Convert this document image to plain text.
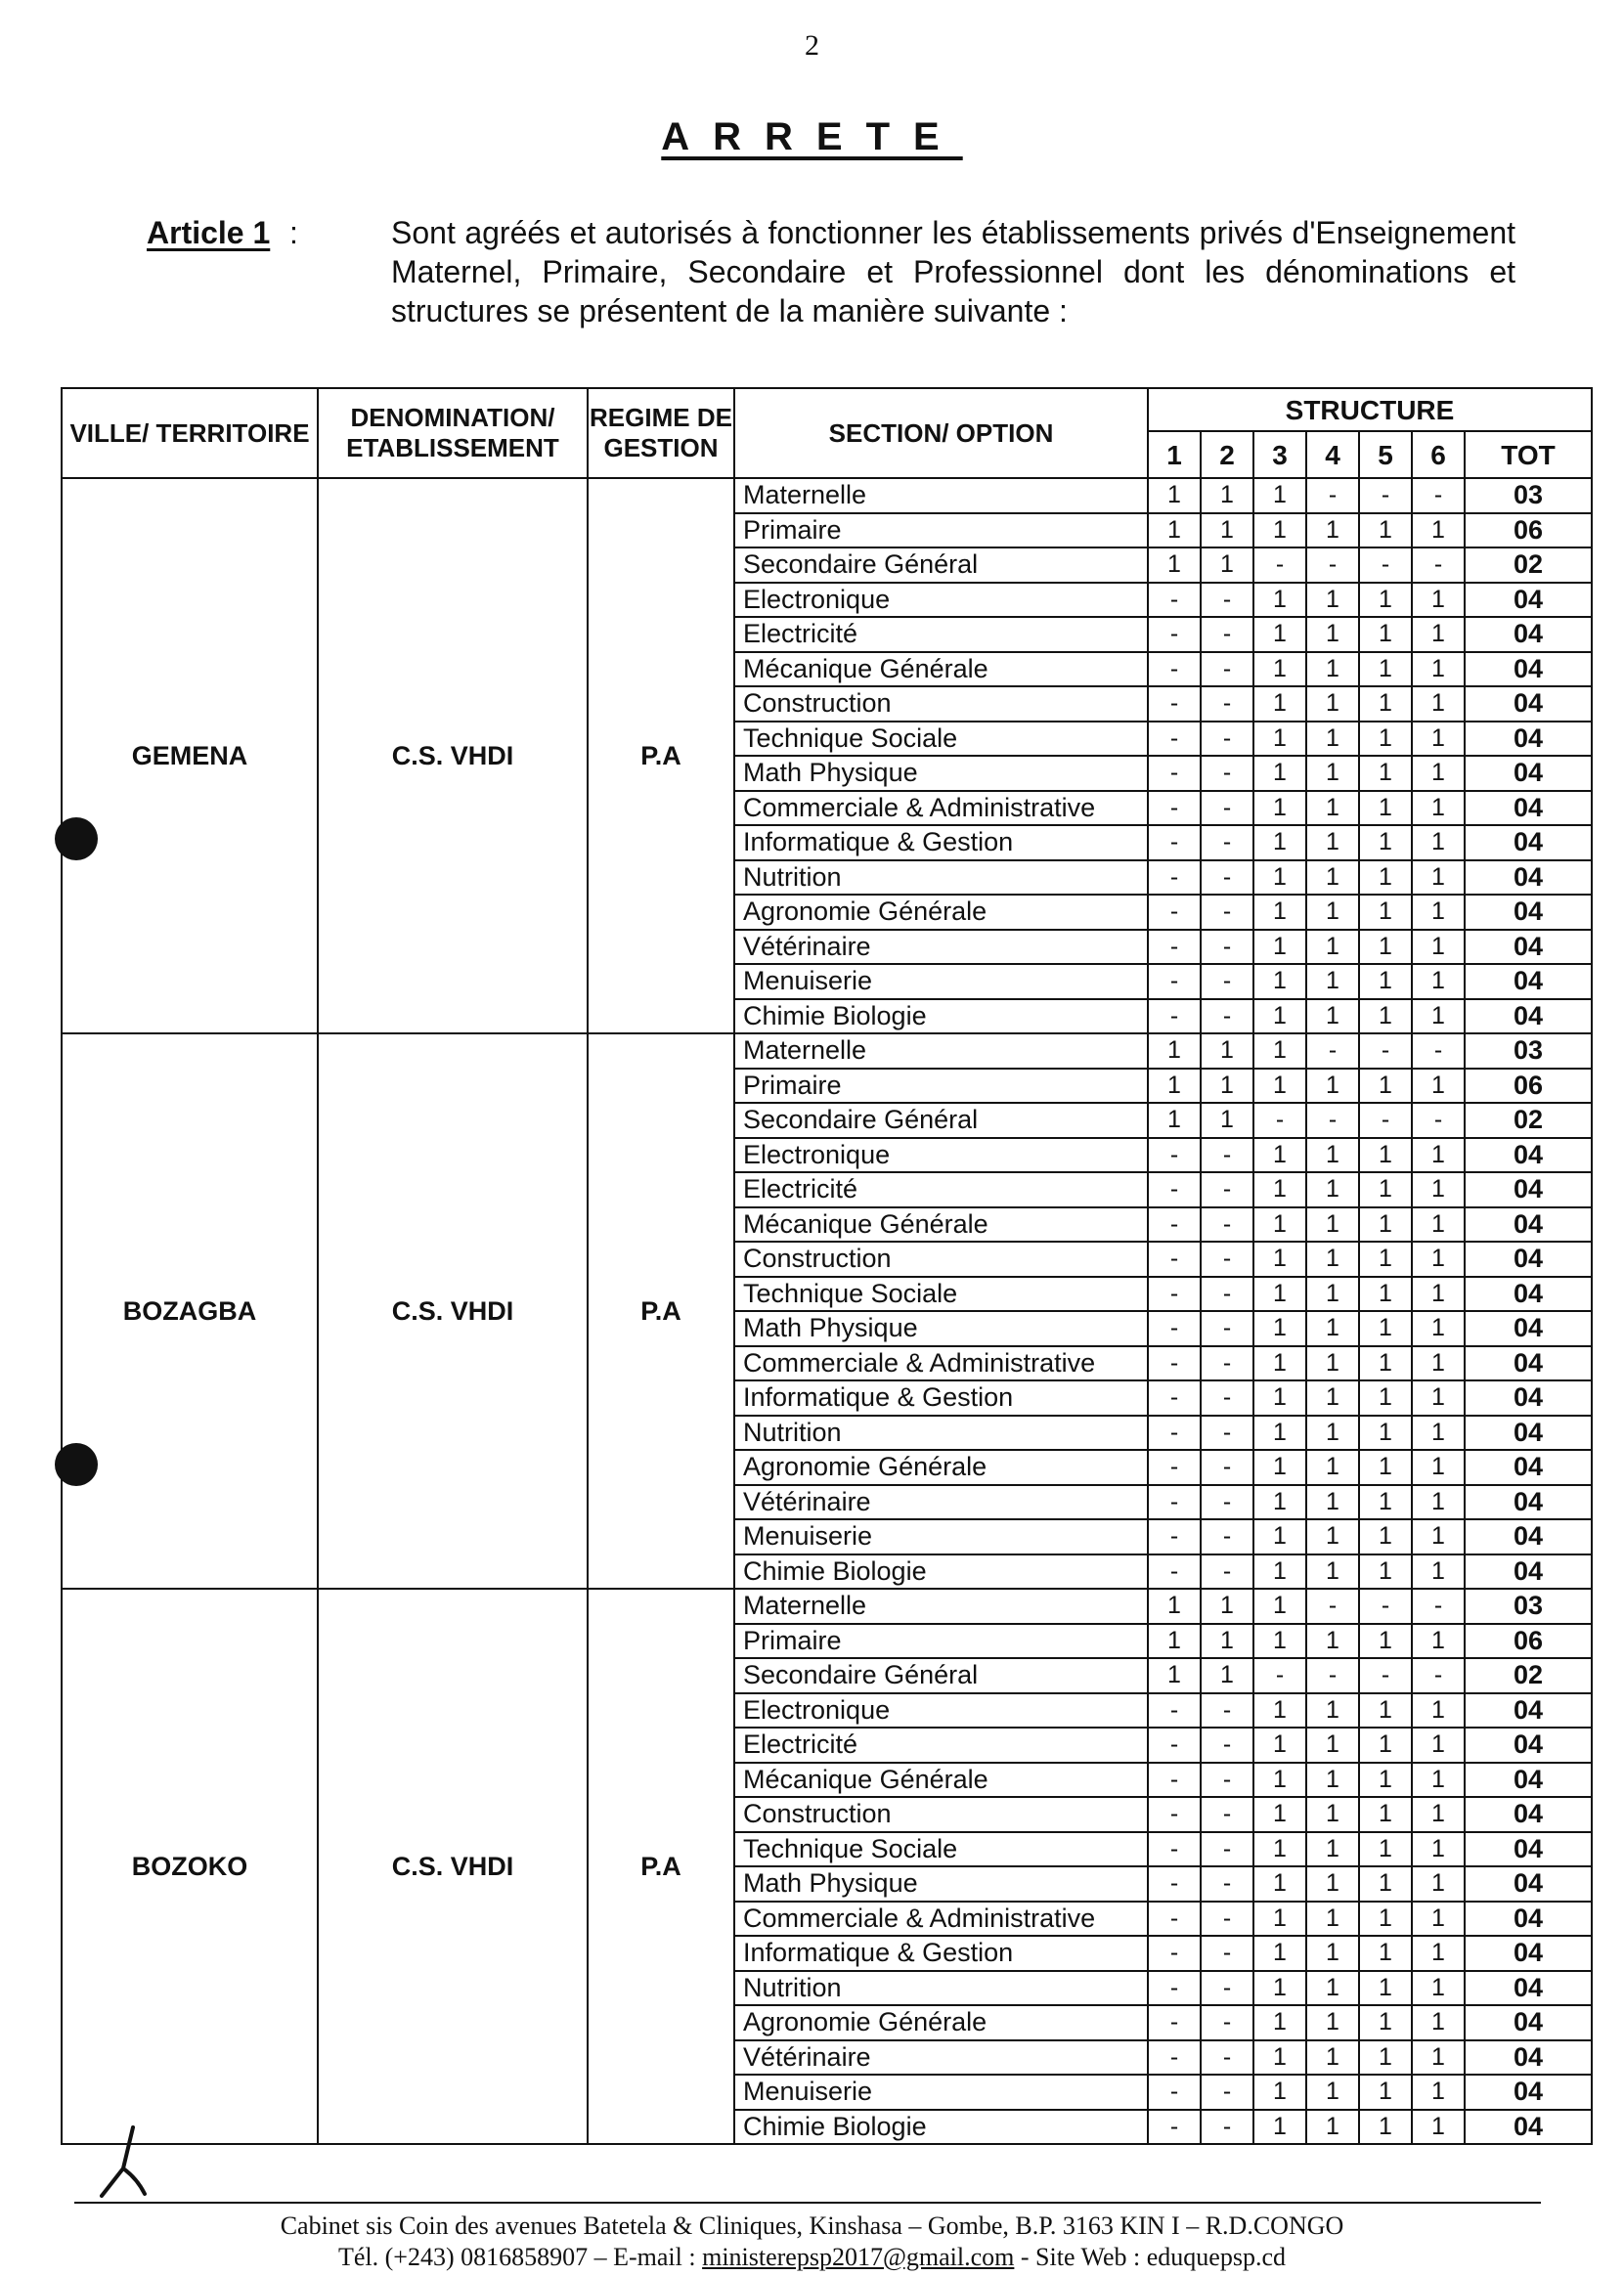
2
ARRETE
Article 1 :	Sont agréés et autorisés à fonctionner les établissements privés d'Enseignement Maternel, Primaire, Secondaire et Professionnel dont les dénominations et structures se présentent de la manière suivante :
VILLE/ TERRITOIRE	DENOMINATION/ ETABLISSEMENT	REGIME DE GESTION	SECTION/ OPTION	STRUCTURE						
				1	2	3	4	5	6	TOT
GEMENA	C.S. VHDI	P.A	Maternelle	1	1	1	-	-	-	03
			Primaire	1	1	1	1	1	1	06
			Secondaire Général	1	1	-	-	-	-	02
			Electronique	-	-	1	1	1	1	04
			Electricité	-	-	1	1	1	1	04
			Mécanique Générale	-	-	1	1	1	1	04
			Construction	-	-	1	1	1	1	04
			Technique Sociale	-	-	1	1	1	1	04
			Math Physique	-	-	1	1	1	1	04
			Commerciale & Administrative	-	-	1	1	1	1	04
			Informatique & Gestion	-	-	1	1	1	1	04
			Nutrition	-	-	1	1	1	1	04
			Agronomie Générale	-	-	1	1	1	1	04
			Vétérinaire	-	-	1	1	1	1	04
			Menuiserie	-	-	1	1	1	1	04
			Chimie Biologie	-	-	1	1	1	1	04
BOZAGBA	C.S. VHDI	P.A	Maternelle	1	1	1	-	-	-	03
			Primaire	1	1	1	1	1	1	06
			Secondaire Général	1	1	-	-	-	-	02
			Electronique	-	-	1	1	1	1	04
			Electricité	-	-	1	1	1	1	04
			Mécanique Générale	-	-	1	1	1	1	04
			Construction	-	-	1	1	1	1	04
			Technique Sociale	-	-	1	1	1	1	04
			Math Physique	-	-	1	1	1	1	04
			Commerciale & Administrative	-	-	1	1	1	1	04
			Informatique & Gestion	-	-	1	1	1	1	04
			Nutrition	-	-	1	1	1	1	04
			Agronomie Générale	-	-	1	1	1	1	04
			Vétérinaire	-	-	1	1	1	1	04
			Menuiserie	-	-	1	1	1	1	04
			Chimie Biologie	-	-	1	1	1	1	04
BOZOKO	C.S. VHDI	P.A	Maternelle	1	1	1	-	-	-	03
			Primaire	1	1	1	1	1	1	06
			Secondaire Général	1	1	-	-	-	-	02
			Electronique	-	-	1	1	1	1	04
			Electricité	-	-	1	1	1	1	04
			Mécanique Générale	-	-	1	1	1	1	04
			Construction	-	-	1	1	1	1	04
			Technique Sociale	-	-	1	1	1	1	04
			Math Physique	-	-	1	1	1	1	04
			Commerciale & Administrative	-	-	1	1	1	1	04
			Informatique & Gestion	-	-	1	1	1	1	04
			Nutrition	-	-	1	1	1	1	04
			Agronomie Générale	-	-	1	1	1	1	04
			Vétérinaire	-	-	1	1	1	1	04
			Menuiserie	-	-	1	1	1	1	04
			Chimie Biologie	-	-	1	1	1	1	04
Cabinet sis Coin des avenues Batetela & Cliniques, Kinshasa – Gombe, B.P. 3163 KIN I – R.D.CONGO
Tél. (+243) 0816858907 – E-mail : ministerepsp2017@gmail.com - Site Web : eduquepsp.cd
